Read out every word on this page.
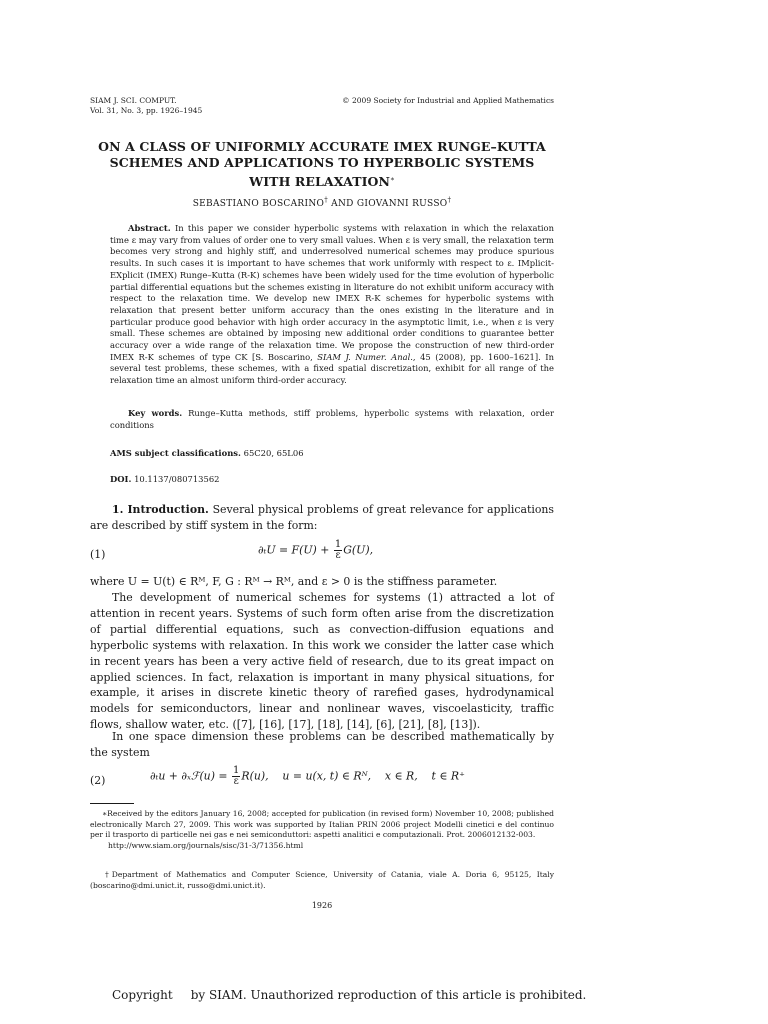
SIAM J. SCI. COMPUT.
Vol. 31, No. 3, pp. 1926–1945
© 2009 Society for Industrial and Applied Mathematics
ON A CLASS OF UNIFORMLY ACCURATE IMEX RUNGE–KUTTA
SCHEMES AND APPLICATIONS TO HYPERBOLIC SYSTEMS
WITH RELAXATION∗
SEBASTIANO BOSCARINO† AND GIOVANNI RUSSO†
Abstract. In this paper we consider hyperbolic systems with relaxation in which the relaxation time ε may vary from values of order one to very small values. When ε is very small, the relaxation term becomes very strong and highly stiff, and underresolved numerical schemes may produce spurious results. In such cases it is important to have schemes that work uniformly with respect to ε. IMplicit-EXplicit (IMEX) Runge–Kutta (R-K) schemes have been widely used for the time evolution of hyperbolic partial differential equations but the schemes existing in literature do not exhibit uniform accuracy with respect to the relaxation time. We develop new IMEX R-K schemes for hyperbolic systems with relaxation that present better uniform accuracy than the ones existing in the literature and in particular produce good behavior with high order accuracy in the asymptotic limit, i.e., when ε is very small. These schemes are obtained by imposing new additional order conditions to guarantee better accuracy over a wide range of the relaxation time. We propose the construction of new third-order IMEX R-K schemes of type CK [S. Boscarino, SIAM J. Numer. Anal., 45 (2008), pp. 1600–1621]. In several test problems, these schemes, with a fixed spatial discretization, exhibit for all range of the relaxation time an almost uniform third-order accuracy.
Key words. Runge–Kutta methods, stiff problems, hyperbolic systems with relaxation, order conditions
AMS subject classifications. 65C20, 65L06
DOI. 10.1137/080713562
1. Introduction. Several physical problems of great relevance for applications are described by stiff system in the form:
(1)	$\partial_tU = F(U) + \frac{1}{\varepsilon} G(U)$,
where U = U(t) ∈ Rᴹ, F, G : Rᴹ → Rᴹ, and ε > 0 is the stiffness parameter.
The development of numerical schemes for systems (1) attracted a lot of attention in recent years. Systems of such form often arise from the discretization of partial differential equations, such as convection-diffusion equations and hyperbolic systems with relaxation. In this work we consider the latter case which in recent years has been a very active field of research, due to its great impact on applied sciences. In fact, relaxation is important in many physical situations, for example, it arises in discrete kinetic theory of rarefied gases, hydrodynamical models for semiconductors, linear and nonlinear waves, viscoelasticity, traffic flows, shallow water, etc. ([7], [16], [17], [18], [14], [6], [21], [8], [13]).
In one space dimension these problems can be described mathematically by the system
(2)	∂ₜu + ∂ₓℱ(u) = $\frac{1}{\varepsilon} R(u)$,    u = u(x, t) ∈ Rᴺ,    x ∈ R,    t ∈ R⁺
∗Received by the editors January 16, 2008; accepted for publication (in revised form) November 10, 2008; published electronically March 27, 2009. This work was supported by Italian PRIN 2006 project Modelli cinetici e del continuo per il trasporto di particelle nei gas e nei semiconduttori: aspetti analitici e computazionali. Prot. 2006012132-003.
http://www.siam.org/journals/sisc/31-3/71356.html
†Department of Mathematics and Computer Science, University of Catania, viale A. Doria 6, 95125, Italy (boscarino@dmi.unict.it, russo@dmi.unict.it).
1926
Copyright by SIAM. Unauthorized reproduction of this article is prohibited.
